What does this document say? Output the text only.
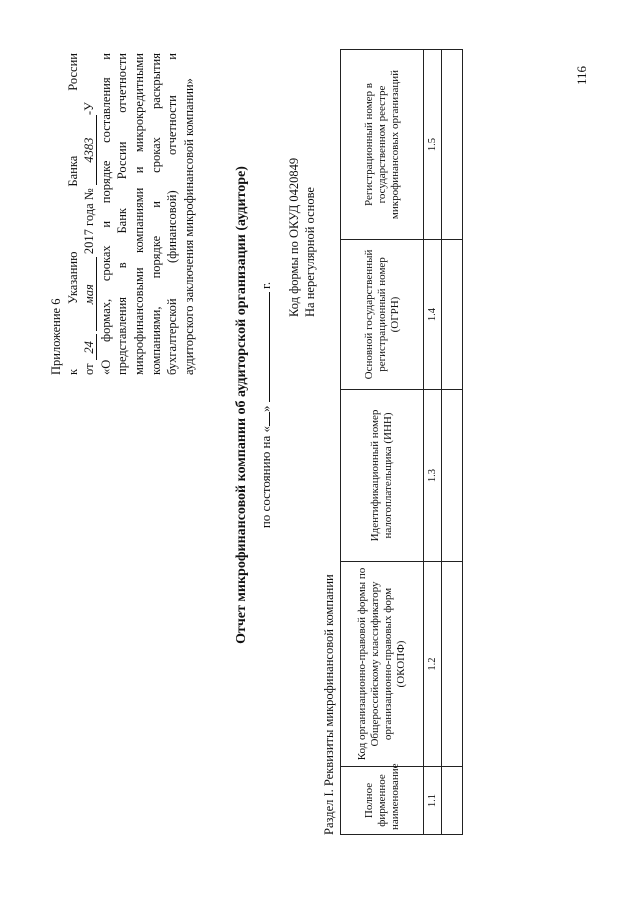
Приложение 6 к
Указанию
Банка
России
от 24 мая 2017 года № 4383-У
«О
формах,
сроках
и
порядке
составления
и
представления
в
Банк
России
отчетности
микрофинансовыми
компаниями
и
микрокредитными
компаниями,
порядке
и
сроках
раскрытия
бухгалтерской
(финансовой)
отчетности
и
аудиторского заключения микрофинансовой компании»
116
Отчет микрофинансовой компании об аудиторской организации (аудиторе) по состоянию на «»  г. Код формы по ОКУД 0420849 На нерегулярной основе
Раздел I. Реквизиты микрофинансовой компании Полное фирменное наименование	Код организационно-правовой формы по Общероссийскому классификатору организационно-правовых форм (ОКОПФ)	Идентификационный номер налогоплательщика (ИНН)	Основной государственный регистрационный номер (ОГРН)	Регистрационный номер в государственном реестре микрофинансовых организаций
1.1	1.2	1.3	1.4	1.5
